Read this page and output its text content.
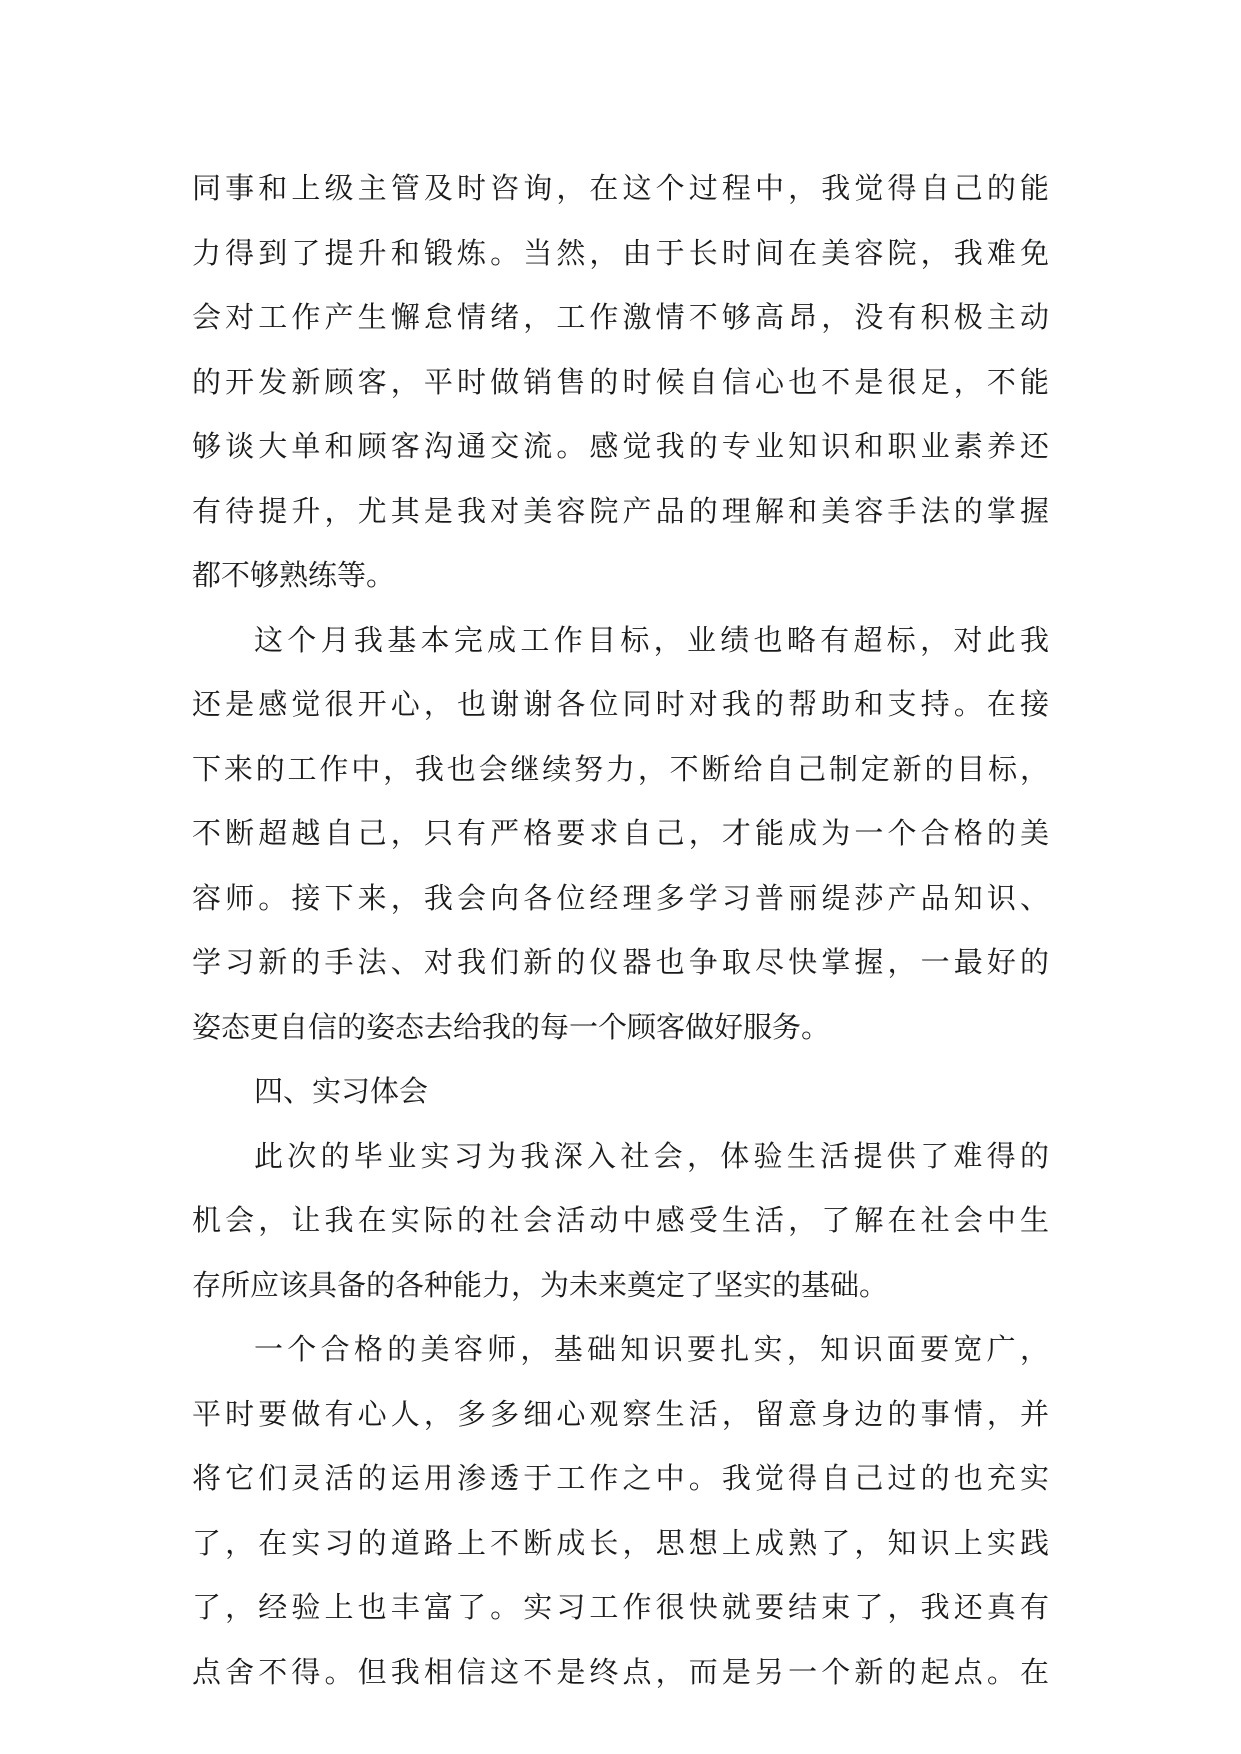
同事和上级主管及时咨询，在这个过程中，我觉得自己的能
力得到了提升和锻炼。当然，由于长时间在美容院，我难免
会对工作产生懈怠情绪，工作激情不够高昂，没有积极主动
的开发新顾客，平时做销售的时候自信心也不是很足，不能
够谈大单和顾客沟通交流。感觉我的专业知识和职业素养还
有待提升，尤其是我对美容院产品的理解和美容手法的掌握
都不够熟练等。
这个月我基本完成工作目标，业绩也略有超标，对此我
还是感觉很开心，也谢谢各位同时对我的帮助和支持。在接
下来的工作中，我也会继续努力，不断给自己制定新的目标，
不断超越自己，只有严格要求自己，才能成为一个合格的美
容师。接下来，我会向各位经理多学习普丽缇莎产品知识、
学习新的手法、对我们新的仪器也争取尽快掌握，一最好的
姿态更自信的姿态去给我的每一个顾客做好服务。
四、实习体会
此次的毕业实习为我深入社会，体验生活提供了难得的
机会，让我在实际的社会活动中感受生活，了解在社会中生
存所应该具备的各种能力，为未来奠定了坚实的基础。
一个合格的美容师，基础知识要扎实，知识面要宽广，
平时要做有心人，多多细心观察生活，留意身边的事情，并
将它们灵活的运用渗透于工作之中。我觉得自己过的也充实
了，在实习的道路上不断成长，思想上成熟了，知识上实践
了，经验上也丰富了。实习工作很快就要结束了，我还真有
点舍不得。但我相信这不是终点，而是另一个新的起点。在
